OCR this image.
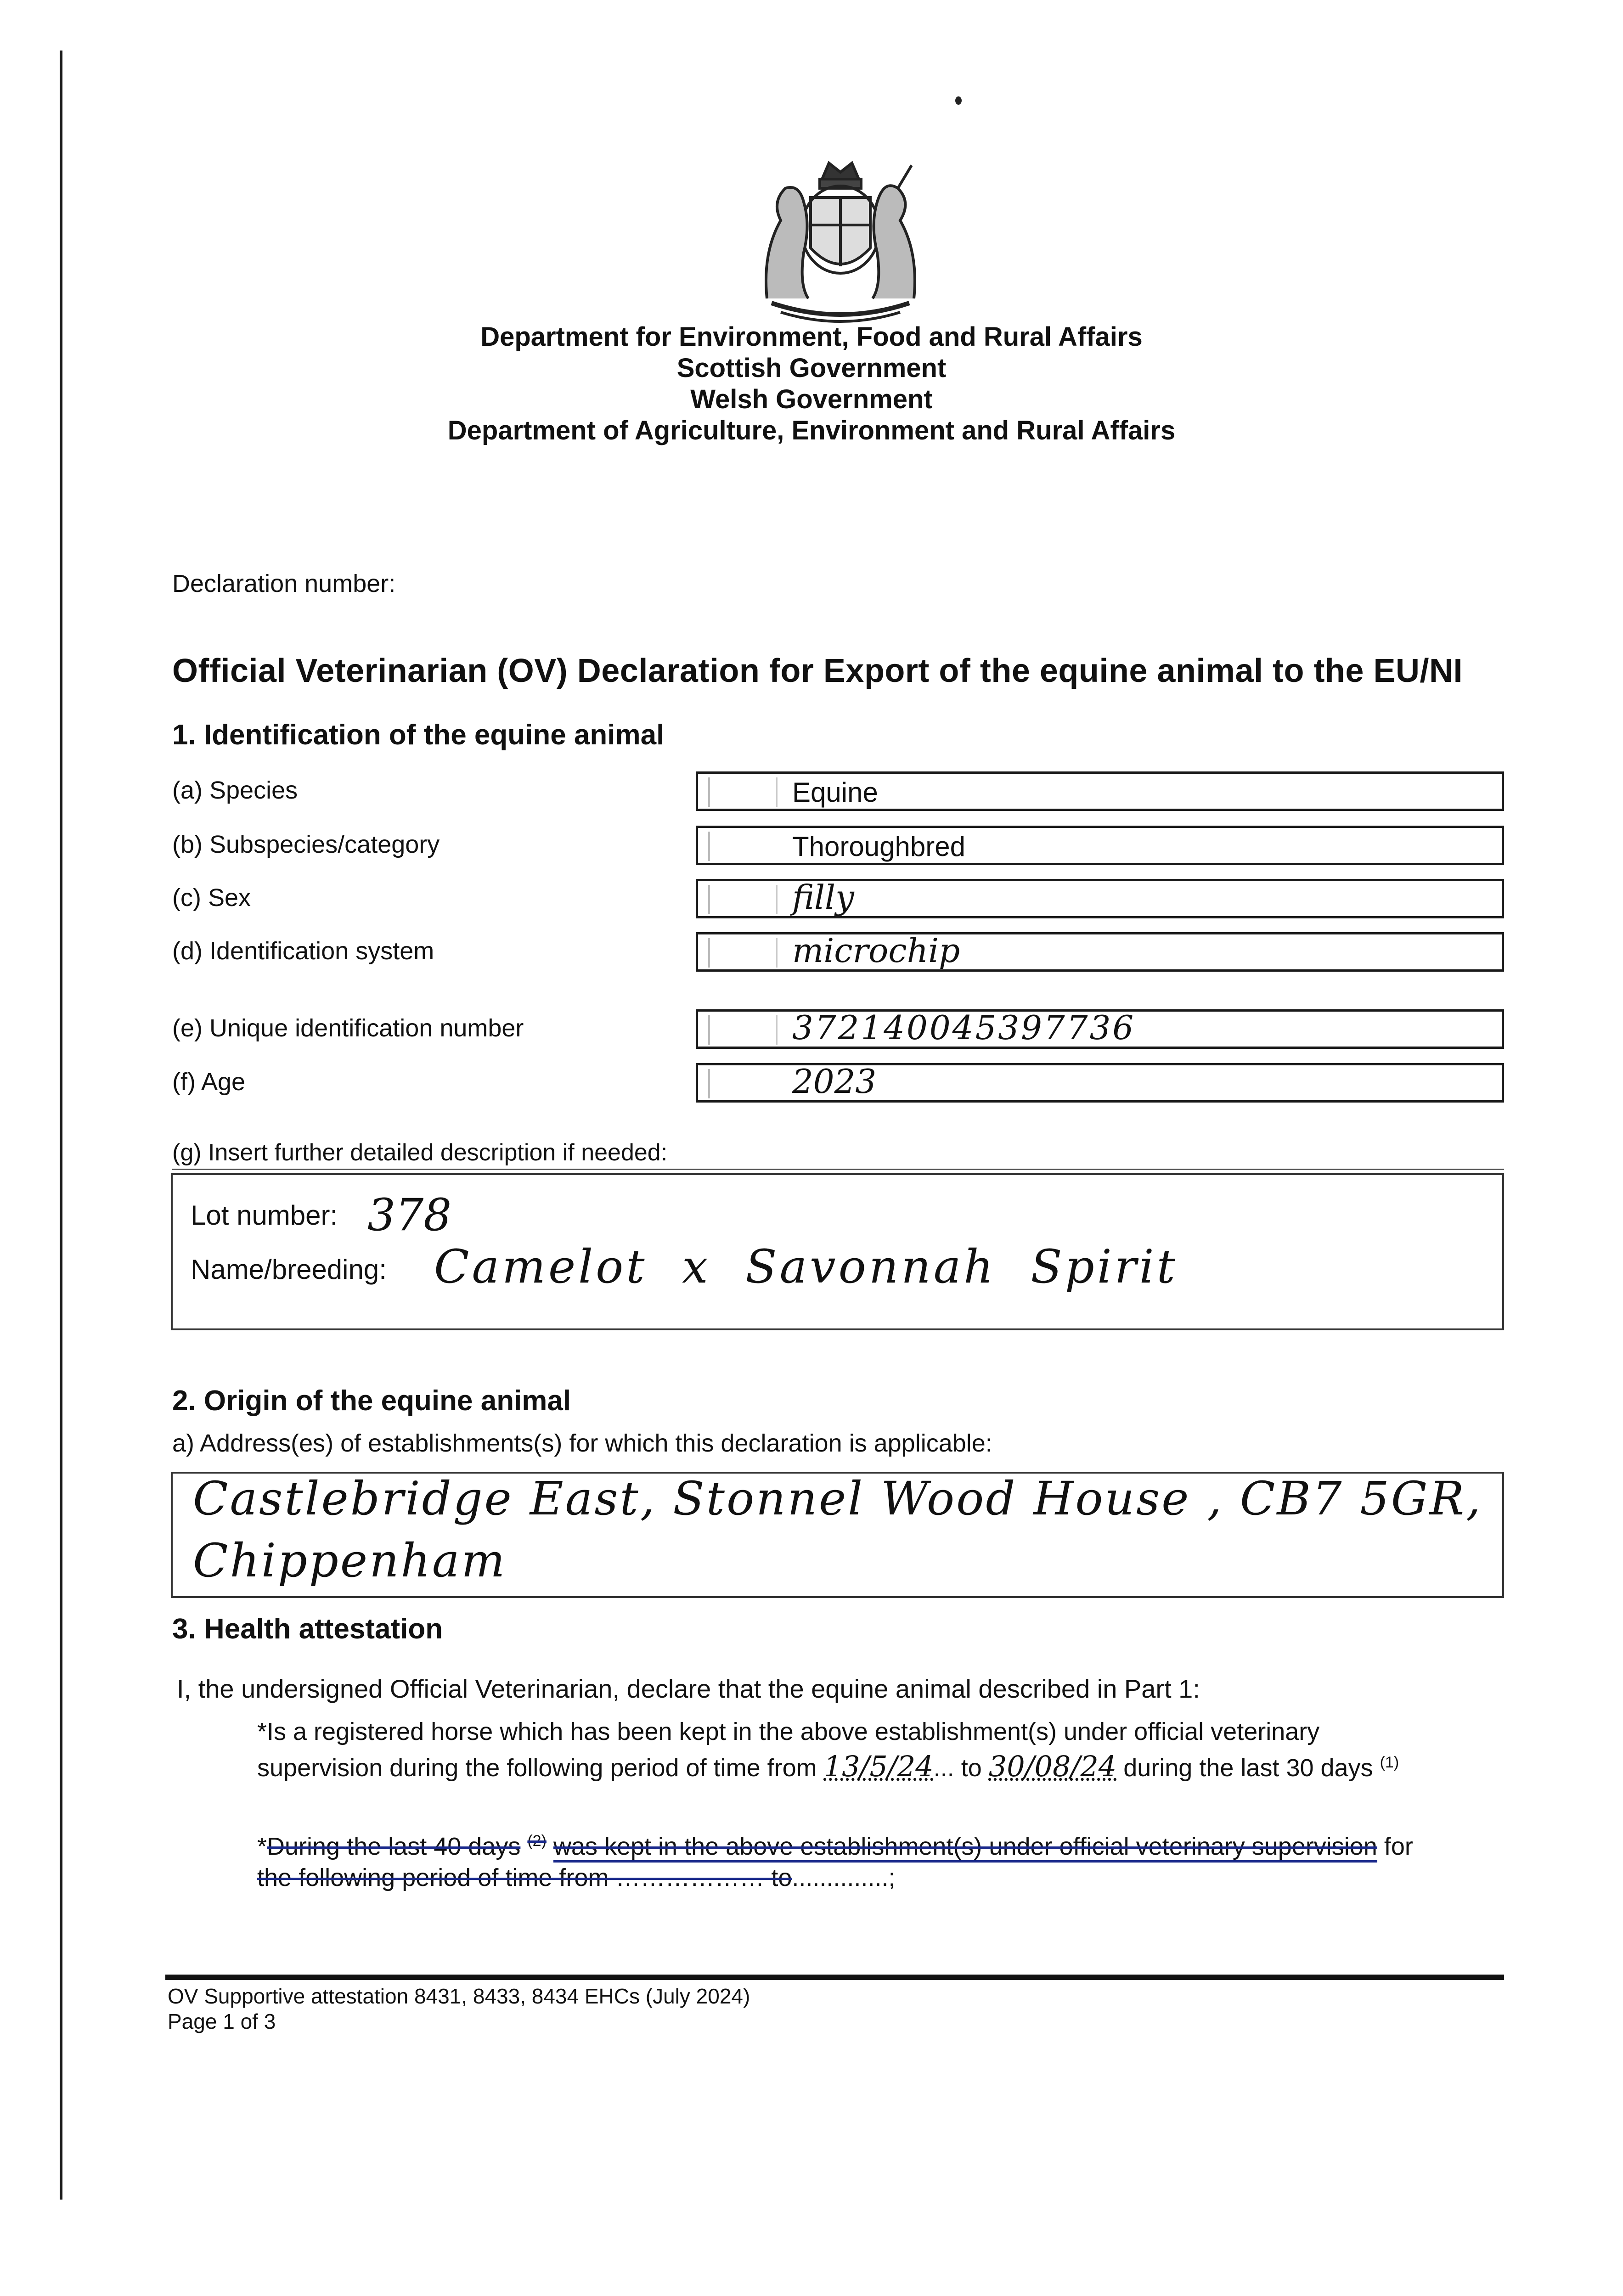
Department for Environment, Food and Rural Affairs
Scottish Government
Welsh Government
Department of Agriculture, Environment and Rural Affairs
Declaration number:
Official Veterinarian (OV) Declaration for Export of the equine animal to the EU/NI
1. Identification of the equine animal
(a) Species	Equine
(b) Subspecies/category	Thoroughbred
(c) Sex	filly
(d) Identification system	microchip
(e) Unique identification number	372140045397736
(f) Age	2023
(g) Insert further detailed description if needed:
Lot number: 378
Name/breeding: Camelot  x  Savonnah  Spirit
2. Origin of the equine animal
a) Address(es) of establishments(s) for which this declaration is applicable:
Castlebridge East, Stonnel Wood House , CB7 5GR,
Chippenham
3. Health attestation
I, the undersigned Official Veterinarian, declare that the equine animal described in Part 1:
*Is a registered horse which has been kept in the above establishment(s) under official veterinary
supervision during the following period of time from 13/5/24... to 30/08/24 during the last 30 days $^{(1)}$
*During the last 40 days $^{(2)}$ was kept in the above establishment(s) under official veterinary supervision for
the following period of time from ……………… to..............;
OV Supportive attestation 8431, 8433, 8434 EHCs (July 2024)
Page 1 of 3
